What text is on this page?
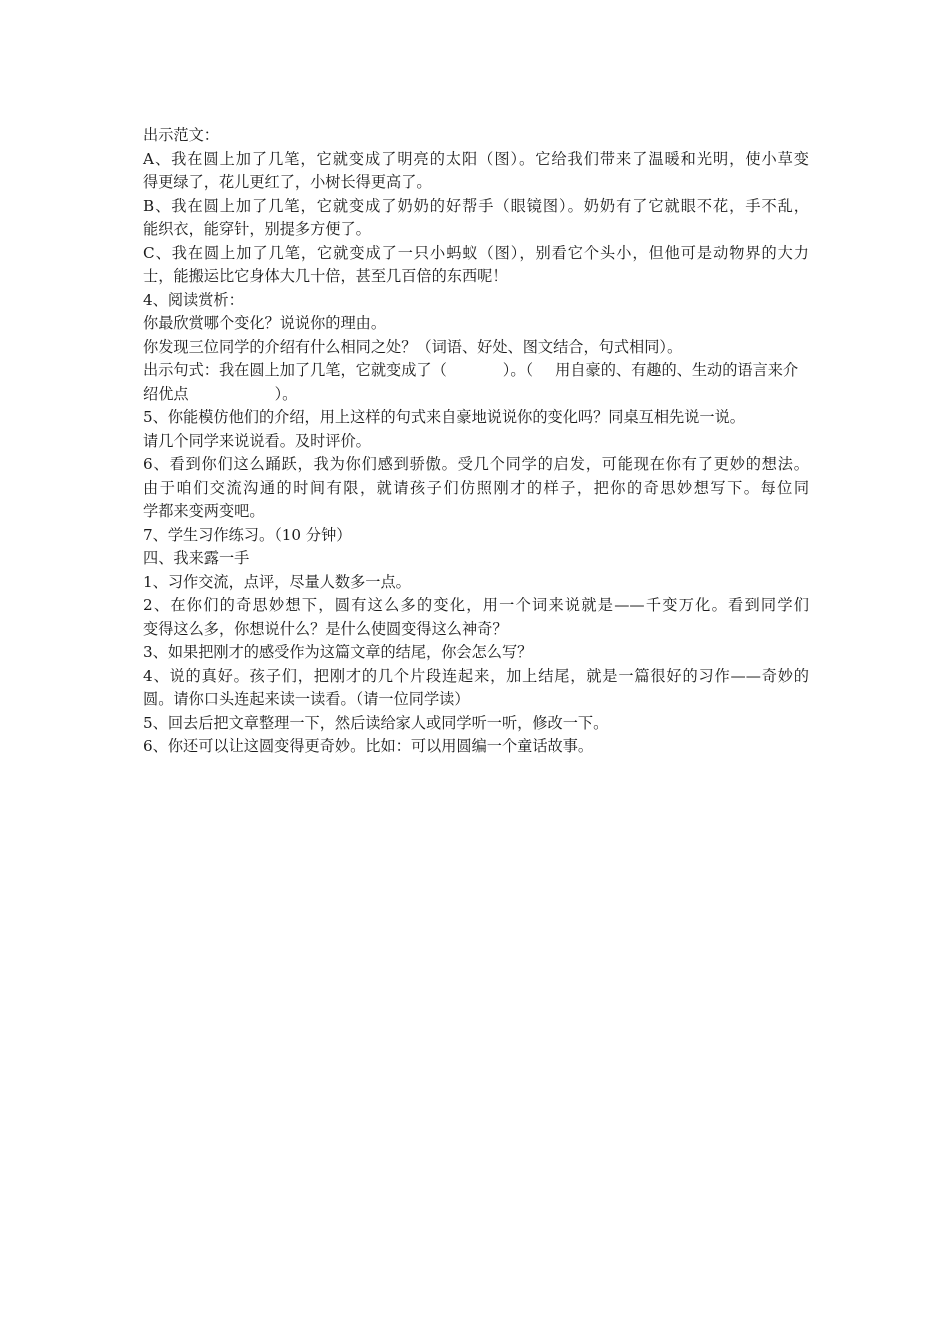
出示范文：
A、我在圆上加了几笔，它就变成了明亮的太阳（图）。它给我们带来了温暖和光明，使小草变
得更绿了，花儿更红了，小树长得更高了。
B、我在圆上加了几笔，它就变成了奶奶的好帮手（眼镜图）。奶奶有了它就眼不花，手不乱，
能织衣，能穿针，别提多方便了。
C、我在圆上加了几笔，它就变成了一只小蚂蚁（图），别看它个头小，但他可是动物界的大力
士，能搬运比它身体大几十倍，甚至几百倍的东西呢！
4、阅读赏析：
你最欣赏哪个变化？说说你的理由。
你发现三位同学的介绍有什么相同之处？（词语、好处、图文结合，句式相同）。
出示句式：我在圆上加了几笔，它就变成了（	）。（ 用自豪的、有趣的、生动的语言来介
绍优点	）。
5、你能模仿他们的介绍，用上这样的句式来自豪地说说你的变化吗？同桌互相先说一说。
请几个同学来说说看。及时评价。
6、看到你们这么踊跃，我为你们感到骄傲。受几个同学的启发，可能现在你有了更妙的想法。
由于咱们交流沟通的时间有限，就请孩子们仿照刚才的样子，把你的奇思妙想写下。每位同
学都来变两变吧。
7、学生习作练习。（10 分钟）
四、我来露一手
1、习作交流，点评，尽量人数多一点。
2、在你们的奇思妙想下，圆有这么多的变化，用一个词来说就是——千变万化。看到同学们
变得这么多，你想说什么？是什么使圆变得这么神奇？
3、如果把刚才的感受作为这篇文章的结尾，你会怎么写？
4、说的真好。孩子们，把刚才的几个片段连起来，加上结尾，就是一篇很好的习作——奇妙的
圆。请你口头连起来读一读看。（请一位同学读）
5、回去后把文章整理一下，然后读给家人或同学听一听，修改一下。
6、你还可以让这圆变得更奇妙。比如：可以用圆编一个童话故事。
